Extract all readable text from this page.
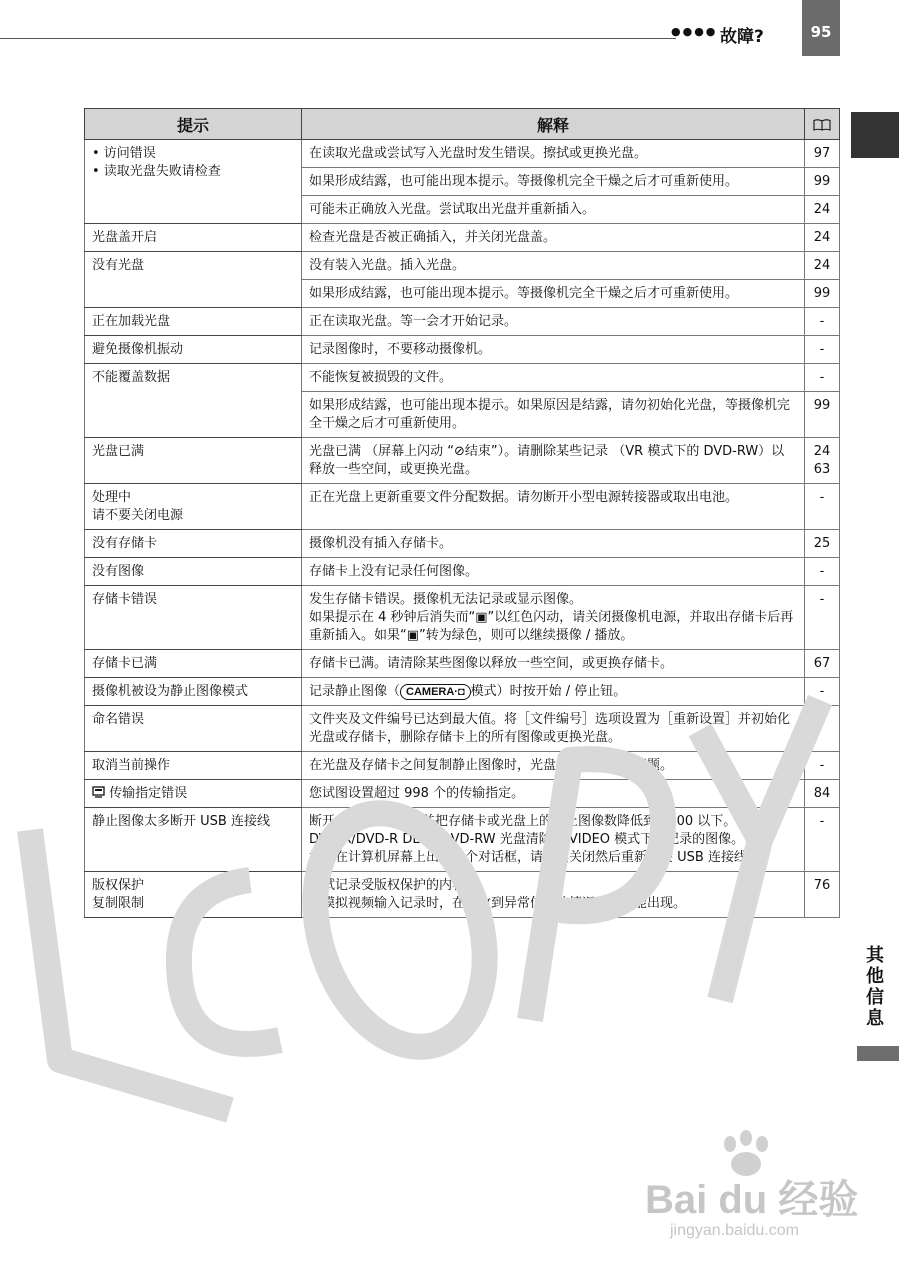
●●●● 故障?	95
其他信息
提示	解释	

• 访问错误
• 读取光盘失败请检查	在读取光盘或尝试写入光盘时发生错误。擦拭或更换光盘。	97
	如果形成结露，也可能出现本提示。等摄像机完全干燥之后才可重新使用。	99
	可能未正确放入光盘。尝试取出光盘并重新插入。	24

光盘盖开启	检查光盘是否被正确插入，并关闭光盘盖。	24

没有光盘	没有装入光盘。插入光盘。	24
	如果形成结露，也可能出现本提示。等摄像机完全干燥之后才可重新使用。	99

正在加载光盘	正在读取光盘。等一会才开始记录。	-

避免摄像机振动	记录图像时，不要移动摄像机。	-

不能覆盖数据	不能恢复被损毁的文件。	-
	如果形成结露，也可能出现本提示。如果原因是结露，请勿初始化光盘，等摄像机完全干燥之后才可重新使用。	99

光盘已满	光盘已满 （屏幕上闪动 “⊘结束”）。请删除某些记录 （VR 模式下的 DVD-RW）以释放一些空间，或更换光盘。	24
63

处理中
请不要关闭电源	正在光盘上更新重要文件分配数据。请勿断开小型电源转接器或取出电池。	-

没有存储卡	摄像机没有插入存储卡。	25

没有图像	存储卡上没有记录任何图像。	-

存储卡错误	发生存储卡错误。摄像机无法记录或显示图像。
如果提示在 4 秒钟后消失而“▣”以红色闪动，请关闭摄像机电源，并取出存储卡后再重新插入。如果“▣”转为绿色，则可以继续摄像 / 播放。	-

存储卡已满	存储卡已满。请清除某些图像以释放一些空间，或更换存储卡。	67

摄像机被设为静止图像模式	记录静止图像（ CAMERA·◘ 模式）时按开始 / 停止钮。	-

命名错误	文件夹及文件编号已达到最大值。将［文件编号］选项设置为［重新设置］并初始化光盘或存储卡，删除存储卡上的所有图像或更换光盘。	-

取消当前操作	在光盘及存储卡之间复制静止图像时，光盘或存储卡出现问题。	-

传输指定错误	您试图设置超过 998 个的传输指定。	84

静止图像太多断开 USB 连接线	断开 USB 连接线，并把存储卡或光盘上的静止图像数降低到 1800 以下。不能从 DVD-R/DVD-R DL 或 DVD-RW 光盘清除在 VIDEO 模式下所记录的图像。
如果在计算机屏幕上出现一个对话框，请将其关闭然后重新连接 USB 连接线。	-

版权保护
复制限制	尝试记录受版权保护的内容。
从模拟视频输入记录时，在接收到异常信号的情况下也可能出现。	76
Bai du 经验
jingyan.baidu.com
